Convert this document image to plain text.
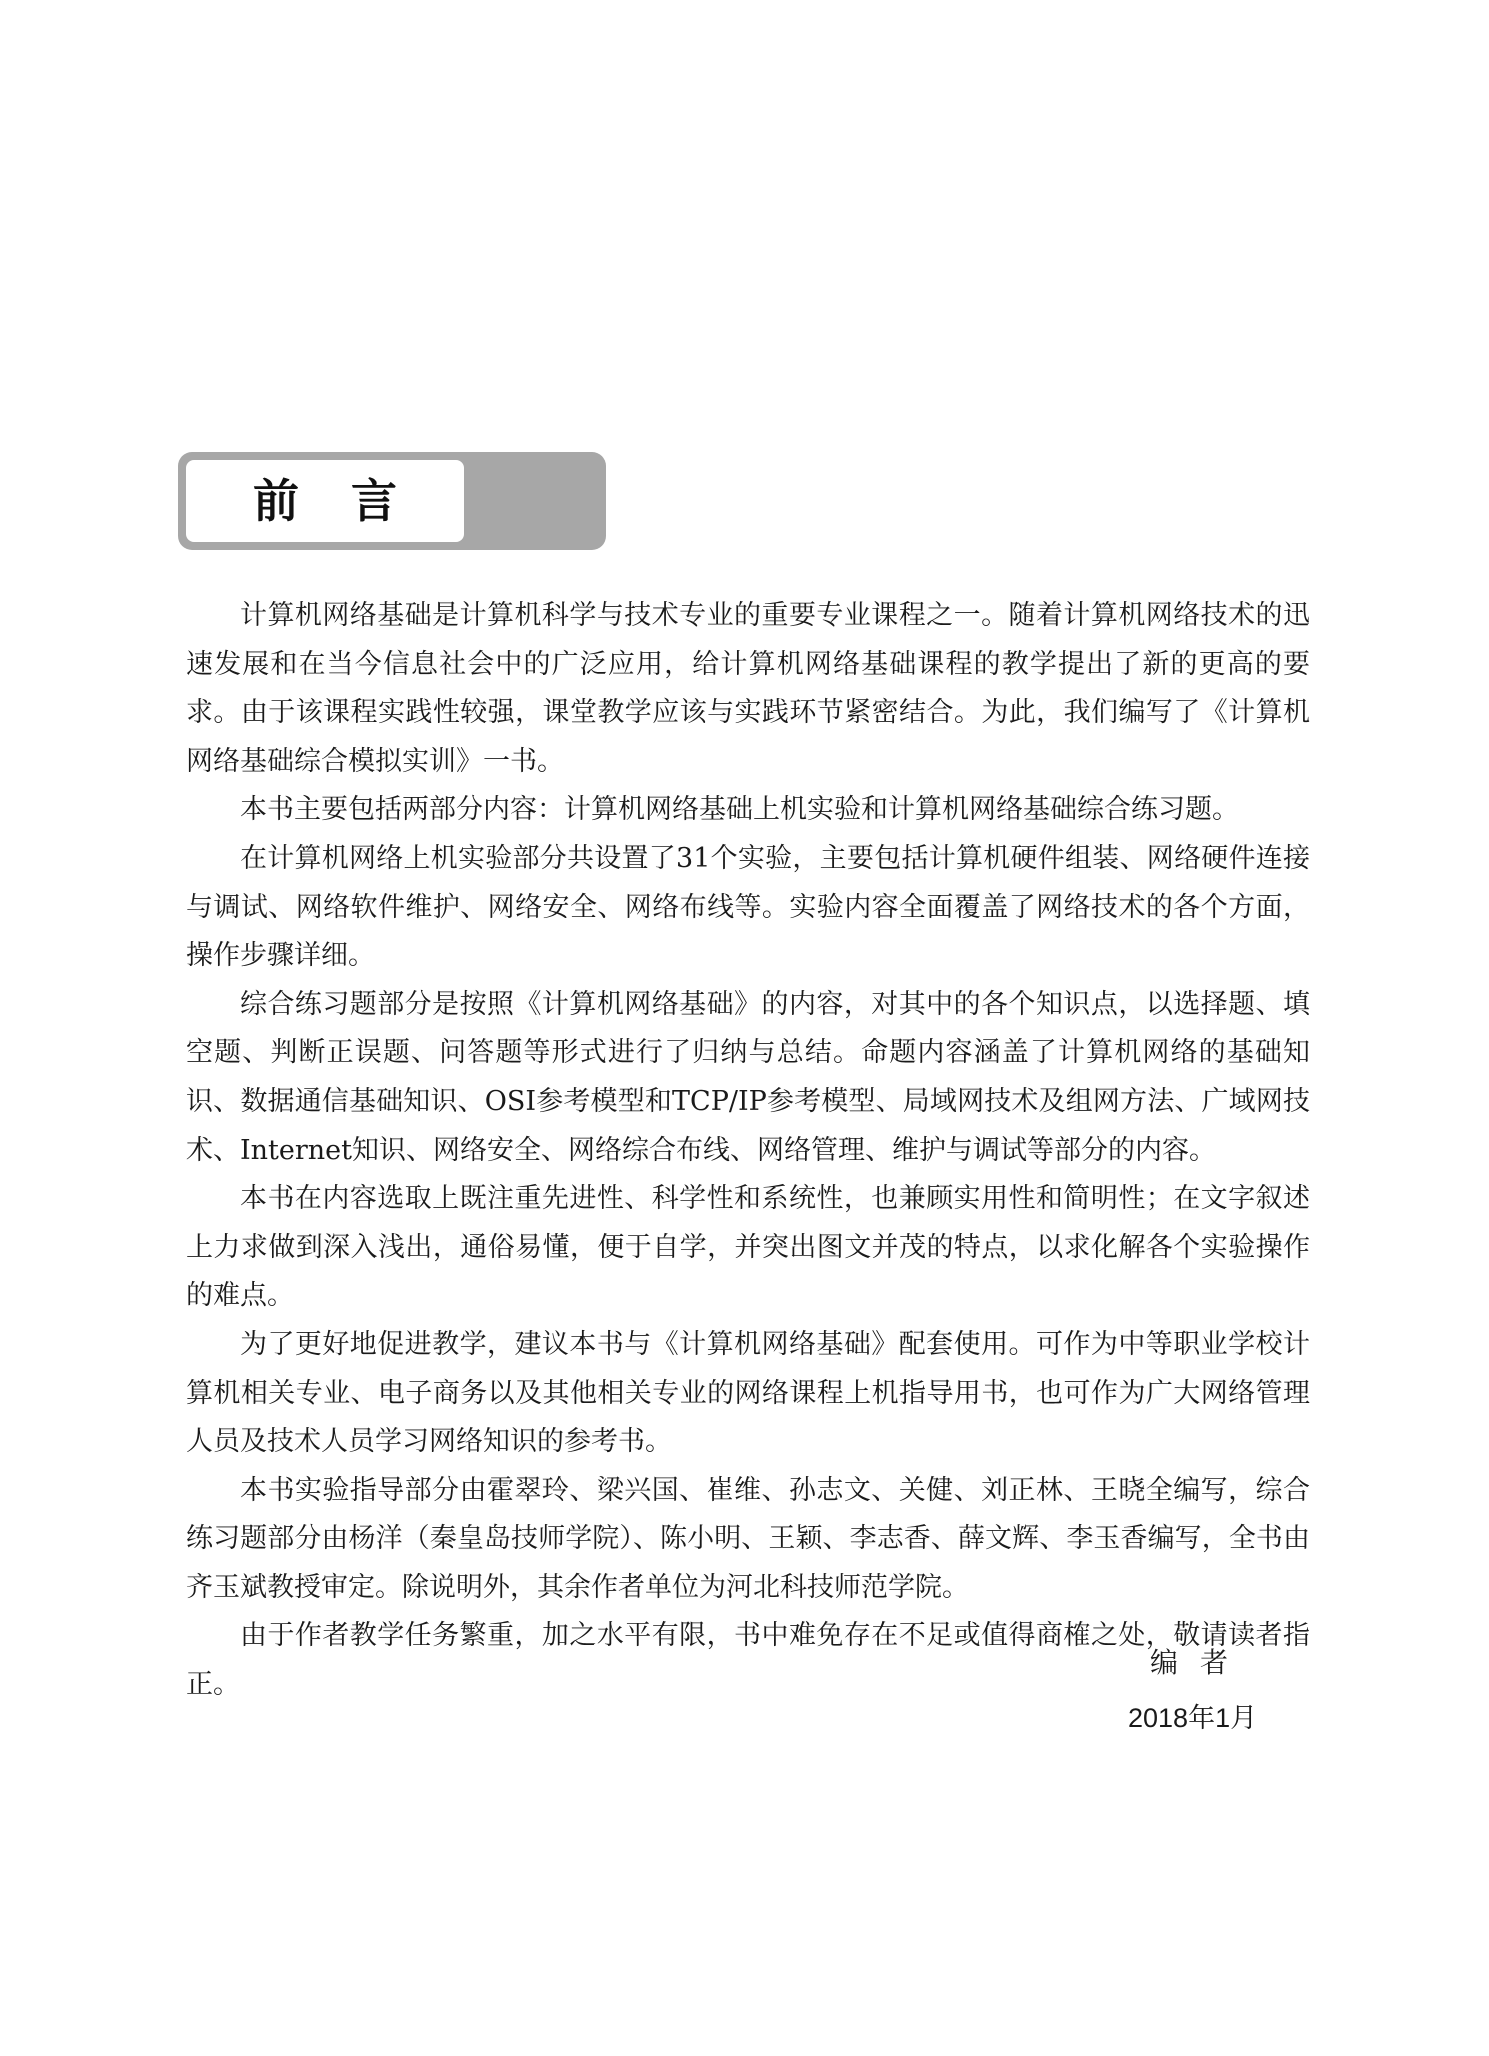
前言

计算机网络基础是计算机科学与技术专业的重要专业课程之一。随着计算机网络技术的迅速发展和在当今信息社会中的广泛应用，给计算机网络基础课程的教学提出了新的更高的要求。由于该课程实践性较强，课堂教学应该与实践环节紧密结合。为此，我们编写了《计算机网络基础综合模拟实训》一书。

本书主要包括两部分内容：计算机网络基础上机实验和计算机网络基础综合练习题。

在计算机网络上机实验部分共设置了31个实验，主要包括计算机硬件组装、网络硬件连接与调试、网络软件维护、网络安全、网络布线等。实验内容全面覆盖了网络技术的各个方面，操作步骤详细。

综合练习题部分是按照《计算机网络基础》的内容，对其中的各个知识点，以选择题、填空题、判断正误题、问答题等形式进行了归纳与总结。命题内容涵盖了计算机网络的基础知识、数据通信基础知识、OSI参考模型和TCP/IP参考模型、局域网技术及组网方法、广域网技术、Internet知识、网络安全、网络综合布线、网络管理、维护与调试等部分的内容。

本书在内容选取上既注重先进性、科学性和系统性，也兼顾实用性和简明性；在文字叙述上力求做到深入浅出，通俗易懂，便于自学，并突出图文并茂的特点，以求化解各个实验操作的难点。

为了更好地促进教学，建议本书与《计算机网络基础》配套使用。可作为中等职业学校计算机相关专业、电子商务以及其他相关专业的网络课程上机指导用书，也可作为广大网络管理人员及技术人员学习网络知识的参考书。

本书实验指导部分由霍翠玲、梁兴国、崔维、孙志文、关健、刘正林、王晓全编写，综合练习题部分由杨洋（秦皇岛技师学院）、陈小明、王颖、李志香、薛文辉、李玉香编写，全书由齐玉斌教授审定。除说明外，其余作者单位为河北科技师范学院。

由于作者教学任务繁重，加之水平有限，书中难免存在不足或值得商榷之处，敬请读者指正。

编者
2018年1月
